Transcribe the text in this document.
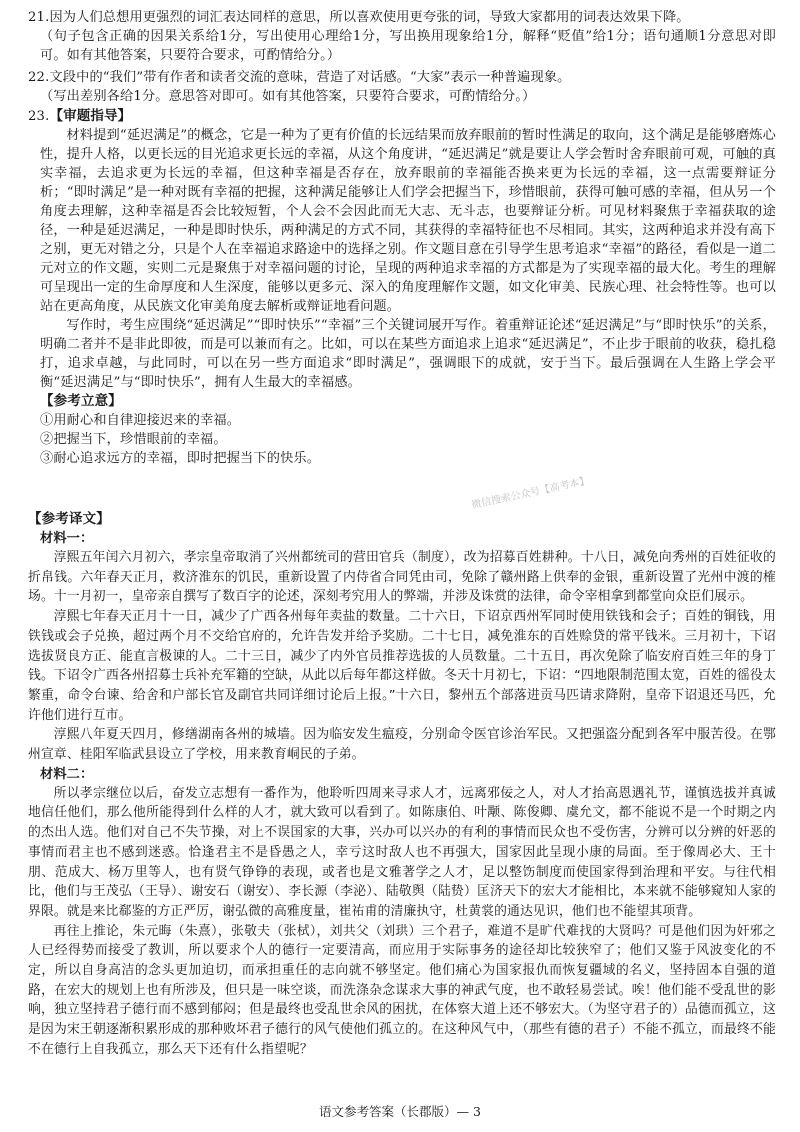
21.因为人们总想用更强烈的词汇表达同样的意思，所以喜欢使用更夸张的词，导致大家都用的词表达效果下降。
（句子包含正确的因果关系给1分，写出使用心理给1分，写出换用现象给1分，解释“贬值”给1分；语句通顺1分意思对即可。如有其他答案，只要符合要求，可酌情给分。）
22.文段中的“我们”带有作者和读者交流的意味，营造了对话感。“大家”表示一种普遍现象。
（写出差别各给1分。意思答对即可。如有其他答案，只要符合要求，可酌情给分。）
23.【审题指导】
材料提到“延迟满足”的概念，它是一种为了更有价值的长远结果而放弃眼前的暂时性满足的取向，这个满足是能够磨炼心性，提升人格，以更长远的目光追求更长远的幸福，从这个角度讲，“延迟满足”就是要让人学会暂时舍弃眼前可观，可触的真实幸福，去追求更为长远的幸福，但这种幸福是否存在，放弃眼前的幸福能否换来更为长远的幸福，这一点需要辩证分析；“即时满足”是一种对既有幸福的把握，这种满足能够让人们学会把握当下，珍惜眼前，获得可触可感的幸福，但从另一个角度去理解，这种幸福是否会比较短暂，个人会不会因此而无大志、无斗志，也要辩证分析。可见材料聚焦于幸福获取的途径，一种是延迟满足，一种是即时快乐，两种满足的方式不同，其获得的幸福特征也不尽相同。其实，这两种追求并没有高下之别，更无对错之分，只是个人在幸福追求路途中的选择之别。作文题目意在引导学生思考追求“幸福”的路径，看似是一道二元对立的作文题，实则二元是聚焦于对幸福问题的讨论，呈现的两种追求幸福的方式都是为了实现幸福的最大化。考生的理解可呈现出一定的生命厚度和人生深度，能够以更多元、深入的角度理解作文题，如文化审美、民族心理、社会特性等。也可以站在更高角度，从民族文化审美角度去解析或辩证地看问题。
写作时，考生应围绕“延迟满足”“即时快乐”“幸福”三个关键词展开写作。着重辩证论述“延迟满足”与“即时快乐”的关系，明确二者并不是非此即彼，而是可以兼而有之。比如，可以在某些方面追求上追求“延迟满足”，不止步于眼前的收获，稳扎稳打，追求卓越，与此同时，可以在另一些方面追求“即时满足”，强调眼下的成就，安于当下。最后强调在人生路上学会平衡“延迟满足”与“即时快乐”，拥有人生最大的幸福感。
【参考立意】
①用耐心和自律迎接迟来的幸福。
②把握当下，珍惜眼前的幸福。
③耐心追求远方的幸福，即时把握当下的快乐。
【参考译文】
材料一：
淳熙五年闰六月初六，孝宗皇帝取消了兴州都统司的营田官兵（制度），改为招募百姓耕种。十八日，减免向秀州的百姓征收的折帛钱。六年春天正月，救济淮东的饥民，重新设置了内侍省合同凭由司，免除了赣州路上供奉的金银，重新设置了光州中渡的榷场。十一月初一，皇帝亲自撰写了数百字的论述，深刻考究用人的弊端，并涉及诛赏的法律，命令宰相拿到都堂向众臣们展示。
淳熙七年春天正月十一日，减少了广西各州每年卖盐的数量。二十六日，下诏京西州军同时使用铁钱和会子；百姓的铜钱，用铁钱或会子兑换，超过两个月不交给官府的，允许告发并给予奖励。二十七日，减免淮东的百姓赊贷的常平钱米。三月初十，下诏选拔贤良方正、能直言极谏的人。二十三日，减少了内外官员推荐选拔的人员数量。二十五日，再次免除了临安府百姓三年的身丁钱。下诏令广西各州招募士兵补充军籍的空缺，从此以后每年都这样做。冬天十月初七，下诏：“四地限制范围太宽，百姓的徭役太繁重，命令台谏、给舍和户部长官及副官共同详细讨论后上报。”十六日，黎州五个部落进贡马匹请求降附，皇帝下诏退还马匹，允许他们进行互市。
淳熙八年夏天四月，修缮湖南各州的城墙。因为临安发生瘟疫，分别命令医官诊治军民。又把强盗分配到各军中服苦役。在鄂州宣章、桂阳军临武县设立了学校，用来教育峒民的子弟。
材料二：
所以孝宗继位以后，奋发立志想有一番作为，他聆听四周来寻求人才，远离邪佞之人，对人才抬高恩遇礼节，谨慎选拔并真诚地信任他们，那么他所能得到什么样的人才，就大致可以看到了。如陈康伯、叶颙、陈俊卿、虞允文，都不能说不是一个时期之内的杰出人选。他们对自己不失节操，对上不误国家的大事，兴办可以兴办的有利的事情而民众也不受伤害，分辨可以分辨的奸恶的事情而君主也不感到迷惑。恰逢君主不是昏愚之人，幸亏这时敌人也不再强大，国家因此呈现小康的局面。至于像周必大、王十朋、范成大、杨万里等人，也有贤气铮铮的表现，或者也是文雅著学之人才，足以整饬制度而使国家得到治理和平安。与往代相比，他们与王茂弘（王导）、谢安石（谢安）、李长源（李泌）、陆敬舆（陆贽）匡济天下的宏大才能相比，本来就不能够窥知人家的界限。就是来比郗鉴的方正严厉，谢弘微的高雅度量，崔祐甫的清廉执守，杜黄裳的通达见识，他们也不能望其项背。
再往上推论，朱元晦（朱熹），张敬夫（张栻），刘共父（刘珙）三个君子，难道不是旷代难找的大贤吗？可是他们因为奸邪之人已经得势而接受了教训，所以要求个人的德行一定要清高，而应用于实际事务的途径却比较狭窄了；他们又鉴于风波变化的不定，所以自身高洁的念头更加迫切，而承担重任的志向就不够坚定。他们痛心为国家报仇而恢复疆域的名义，坚持固本自强的道路，在宏大的规划上也有所涉及，但只是一味空谈，而洗涤杂念谋求大事的神武气度，也不敢轻易尝试。唉！他们能不受乱世的影响，独立坚持君子德行而不感到郁闷；但是最终也受乱世余风的困扰，在体察大道上还不够宏大。（为坚守君子的）品德而孤立，这是因为宋王朝逐渐积累形成的那种败坏君子德行的风气使他们孤立的。在这种风气中，（那些有德的君子）不能不孤立，而最终不能不在德行上自我孤立，那么天下还有什么指望呢？
微信搜索公众号【高考本】
语文参考答案（长郡版）— 3
